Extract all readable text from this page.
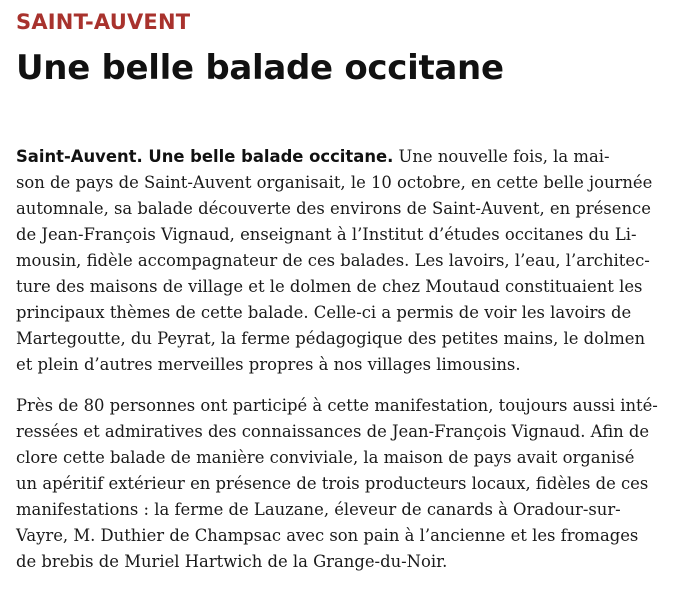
SAINT-AUVENT
Une belle balade occitane

Saint-Auvent. Une belle balade occitane. Une nouvelle fois, la mai-
son de pays de Saint-Auvent organisait, le 10 octobre, en cette belle journée
automnale, sa balade découverte des environs de Saint-Auvent, en présence
de Jean-François Vignaud, enseignant à l’Institut d’études occitanes du Li-
mousin, fidèle accompagnateur de ces balades. Les lavoirs, l’eau, l’architec-
ture des maisons de village et le dolmen de chez Moutaud constituaient les
principaux thèmes de cette balade. Celle-ci a permis de voir les lavoirs de
Martegoutte, du Peyrat, la ferme pédagogique des petites mains, le dolmen
et plein d’autres merveilles propres à nos villages limousins.

Près de 80 personnes ont participé à cette manifestation, toujours aussi inté-
ressées et admiratives des connaissances de Jean-François Vignaud. Afin de
clore cette balade de manière conviviale, la maison de pays avait organisé
un apéritif extérieur en présence de trois producteurs locaux, fidèles de ces
manifestations : la ferme de Lauzane, éleveur de canards à Oradour-sur-
Vayre, M. Duthier de Champsac avec son pain à l’ancienne et les fromages
de brebis de Muriel Hartwich de la Grange-du-Noir.
